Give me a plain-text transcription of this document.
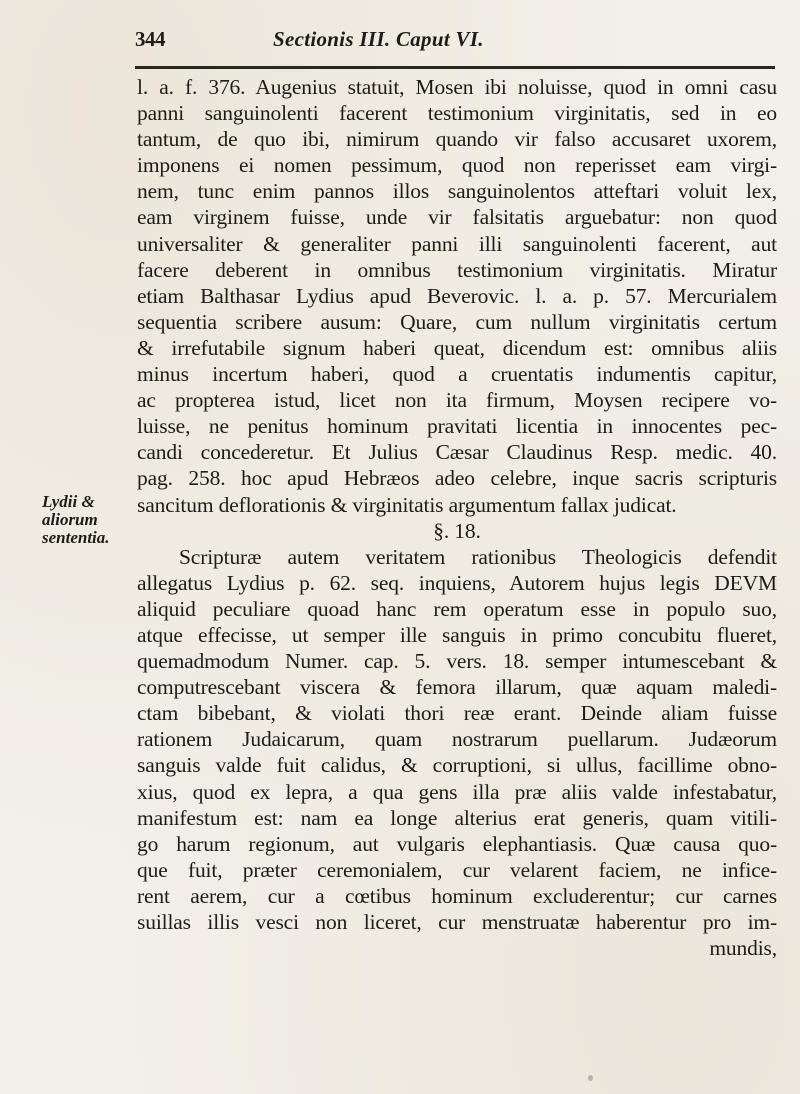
344	Sectionis III. Caput VI.
Lydii &
aliorum
sententia.
l. a. f. 376. Augenius statuit, Mosen ibi noluisse, quod in omni casu
panni sanguinolenti facerent testimonium virginitatis, sed in eo
tantum, de quo ibi, nimirum quando vir falso accusaret uxorem,
imponens ei nomen pessimum, quod non reperisset eam virgi-
nem, tunc enim pannos illos sanguinolentos atteftari voluit lex,
eam virginem fuisse, unde vir falsitatis arguebatur: non quod
universaliter & generaliter panni illi sanguinolenti facerent, aut
facere deberent in omnibus testimonium virginitatis. Miratur
etiam Balthasar Lydius apud Beverovic. l. a. p. 57. Mercurialem
sequentia scribere ausum: Quare, cum nullum virginitatis certum
& irrefutabile signum haberi queat, dicendum est: omnibus aliis
minus incertum haberi, quod a cruentatis indumentis capitur,
ac propterea istud, licet non ita firmum, Moysen recipere vo-
luisse, ne penitus hominum pravitati licentia in innocentes pec-
candi concederetur. Et Julius Cæsar Claudinus Resp. medic. 40.
pag. 258. hoc apud Hebræos adeo celebre, inque sacris scripturis
sancitum deflorationis & virginitatis argumentum fallax judicat.
§. 18.
Scripturæ autem veritatem rationibus Theologicis defendit
allegatus Lydius p. 62. seq. inquiens, Autorem hujus legis DEVM
aliquid peculiare quoad hanc rem operatum esse in populo suo,
atque effecisse, ut semper ille sanguis in primo concubitu flueret,
quemadmodum Numer. cap. 5. vers. 18. semper intumescebant &
computrescebant viscera & femora illarum, quæ aquam maledi-
ctam bibebant, & violati thori reæ erant. Deinde aliam fuisse
rationem Judaicarum, quam nostrarum puellarum. Judæorum
sanguis valde fuit calidus, & corruptioni, si ullus, facillime obno-
xius, quod ex lepra, a qua gens illa præ aliis valde infestabatur,
manifestum est: nam ea longe alterius erat generis, quam vitili-
go harum regionum, aut vulgaris elephantiasis. Quæ causa quo-
que fuit, præter ceremonialem, cur velarent faciem, ne infice-
rent aerem, cur a cœtibus hominum excluderentur; cur carnes
suillas illis vesci non liceret, cur menstruatæ haberentur pro im-
mundis,
